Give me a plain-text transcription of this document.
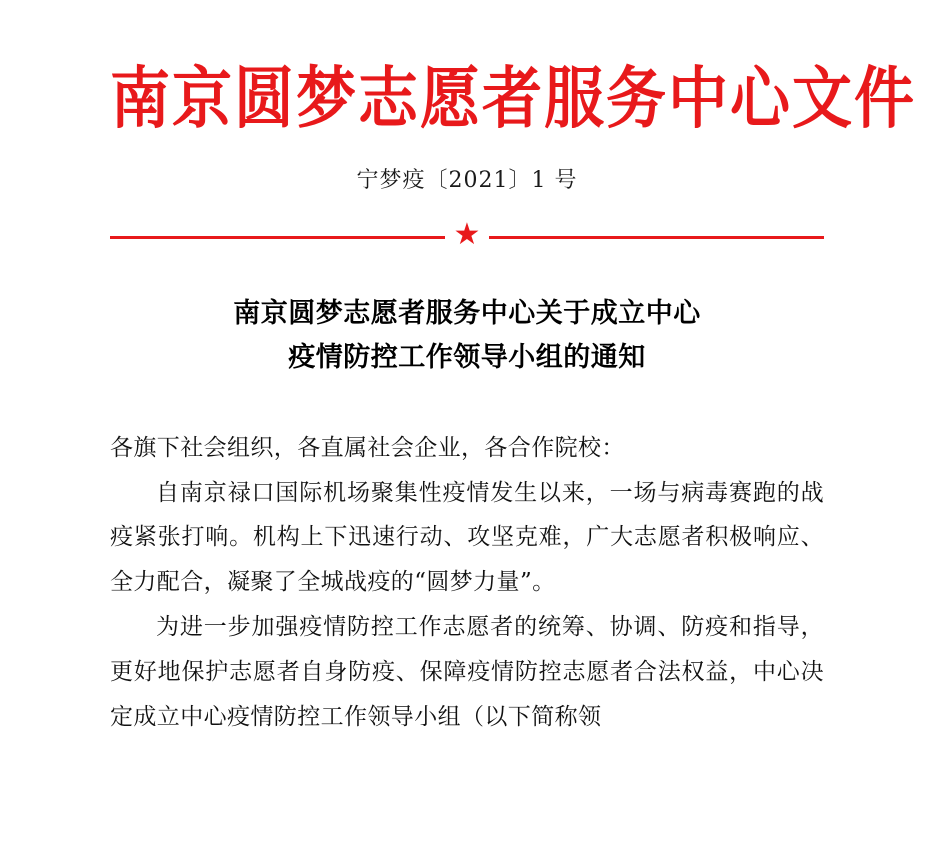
南京圆梦志愿者服务中心文件
宁梦疫〔2021〕1 号
★
南京圆梦志愿者服务中心关于成立中心
疫情防控工作领导小组的通知

各旗下社会组织，各直属社会企业，各合作院校：

自南京禄口国际机场聚集性疫情发生以来，一场与病毒赛跑的战疫紧张打响。机构上下迅速行动、攻坚克难，广大志愿者积极响应、全力配合，凝聚了全城战疫的“圆梦力量”。

为进一步加强疫情防控工作志愿者的统筹、协调、防疫和指导，更好地保护志愿者自身防疫、保障疫情防控志愿者合法权益，中心决定成立中心疫情防控工作领导小组（以下简称领
